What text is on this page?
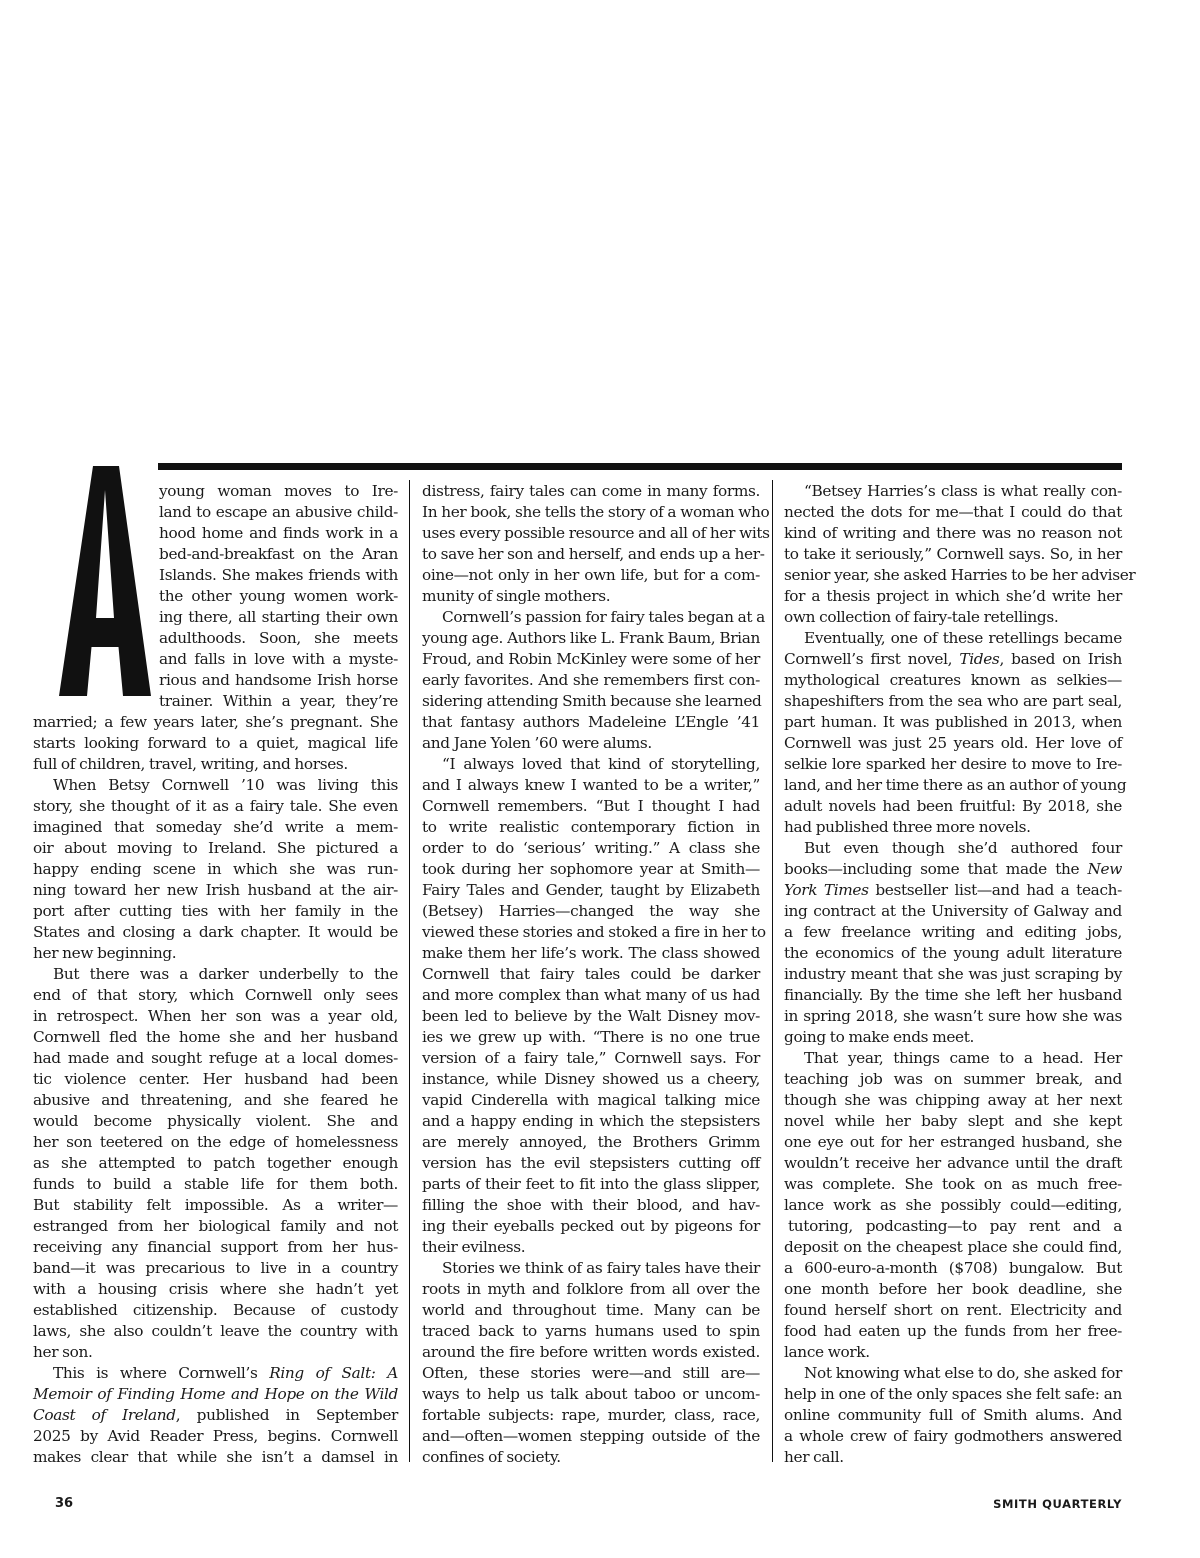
young woman moves to Ire-
land to escape an abusive child-
hood home and finds work in a
bed-and-breakfast on the Aran
Islands. She makes friends with
the other young women work-
ing there, all starting their own
adulthoods. Soon, she meets
and falls in love with a myste-
rious and handsome Irish horse
trainer. Within a year, they’re
married; a few years later, she’s pregnant. She
starts looking forward to a quiet, magical life
full of children, travel, writing, and horses.
When Betsy Cornwell ’10 was living this
story, she thought of it as a fairy tale. She even
imagined that someday she’d write a mem-
oir about moving to Ireland. She pictured a
happy ending scene in which she was run-
ning toward her new Irish husband at the air-
port after cutting ties with her family in the
States and closing a dark chapter. It would be
her new beginning.
But there was a darker underbelly to the
end of that story, which Cornwell only sees
in retrospect. When her son was a year old,
Cornwell fled the home she and her husband
had made and sought refuge at a local domes-
tic violence center. Her husband had been
abusive and threatening, and she feared he
would become physically violent. She and
her son teetered on the edge of homelessness
as she attempted to patch together enough
funds to build a stable life for them both.
But stability felt impossible. As a writer—
estranged from her biological family and not
receiving any financial support from her hus-
band—it was precarious to live in a country
with a housing crisis where she hadn’t yet
established citizenship. Because of custody
laws, she also couldn’t leave the country with
her son.
This is where Cornwell’s Ring of Salt: A
Memoir of Finding Home and Hope on the Wild
Coast of Ireland, published in September
2025 by Avid Reader Press, begins. Cornwell
makes clear that while she isn’t a damsel in
distress, fairy tales can come in many forms.
In her book, she tells the story of a woman who
uses every possible resource and all of her wits
to save her son and herself, and ends up a her-
oine—not only in her own life, but for a com-
munity of single mothers.
Cornwell’s passion for fairy tales began at a
young age. Authors like L. Frank Baum, Brian
Froud, and Robin McKinley were some of her
early favorites. And she remembers first con-
sidering attending Smith because she learned
that fantasy authors Madeleine L’Engle ’41
and Jane Yolen ’60 were alums.
“I always loved that kind of storytelling,
and I always knew I wanted to be a writer,”
Cornwell remembers. “But I thought I had
to write realistic contemporary fiction in
order to do ‘serious’ writing.” A class she
took during her sophomore year at Smith—
Fairy Tales and Gender, taught by Elizabeth
(Betsey) Harries—changed the way she
viewed these stories and stoked a fire in her to
make them her life’s work. The class showed
Cornwell that fairy tales could be darker
and more complex than what many of us had
been led to believe by the Walt Disney mov-
ies we grew up with. “There is no one true
version of a fairy tale,” Cornwell says. For
instance, while Disney showed us a cheery,
vapid Cinderella with magical talking mice
and a happy ending in which the stepsisters
are merely annoyed, the Brothers Grimm
version has the evil stepsisters cutting off
parts of their feet to fit into the glass slipper,
filling the shoe with their blood, and hav-
ing their eyeballs pecked out by pigeons for
their evilness.
Stories we think of as fairy tales have their
roots in myth and folklore from all over the
world and throughout time. Many can be
traced back to yarns humans used to spin
around the fire before written words existed.
Often, these stories were—and still are—
ways to help us talk about taboo or uncom-
fortable subjects: rape, murder, class, race,
and—often—women stepping outside of the
confines of society.
“Betsey Harries’s class is what really con-
nected the dots for me—that I could do that
kind of writing and there was no reason not
to take it seriously,” Cornwell says. So, in her
senior year, she asked Harries to be her adviser
for a thesis project in which she’d write her
own collection of fairy-tale retellings.
Eventually, one of these retellings became
Cornwell’s first novel, Tides, based on Irish
mythological creatures known as selkies—
shapeshifters from the sea who are part seal,
part human. It was published in 2013, when
Cornwell was just 25 years old. Her love of
selkie lore sparked her desire to move to Ire-
land, and her time there as an author of young
adult novels had been fruitful: By 2018, she
had published three more novels.
But even though she’d authored four
books—including some that made the New
York Times bestseller list—and had a teach-
ing contract at the University of Galway and
a few freelance writing and editing jobs,
the economics of the young adult literature
industry meant that she was just scraping by
financially. By the time she left her husband
in spring 2018, she wasn’t sure how she was
going to make ends meet.
That year, things came to a head. Her
teaching job was on summer break, and
though she was chipping away at her next
novel while her baby slept and she kept
one eye out for her estranged husband, she
wouldn’t receive her advance until the draft
was complete. She took on as much free-
lance work as she possibly could—editing,
tutoring, podcasting—to pay rent and a
deposit on the cheapest place she could find,
a 600-euro-a-month ($708) bungalow. But
one month before her book deadline, she
found herself short on rent. Electricity and
food had eaten up the funds from her free-
lance work.
Not knowing what else to do, she asked for
help in one of the only spaces she felt safe: an
online community full of Smith alums. And
a whole crew of fairy godmothers answered
her call.
36	SMITH QUARTERLY
